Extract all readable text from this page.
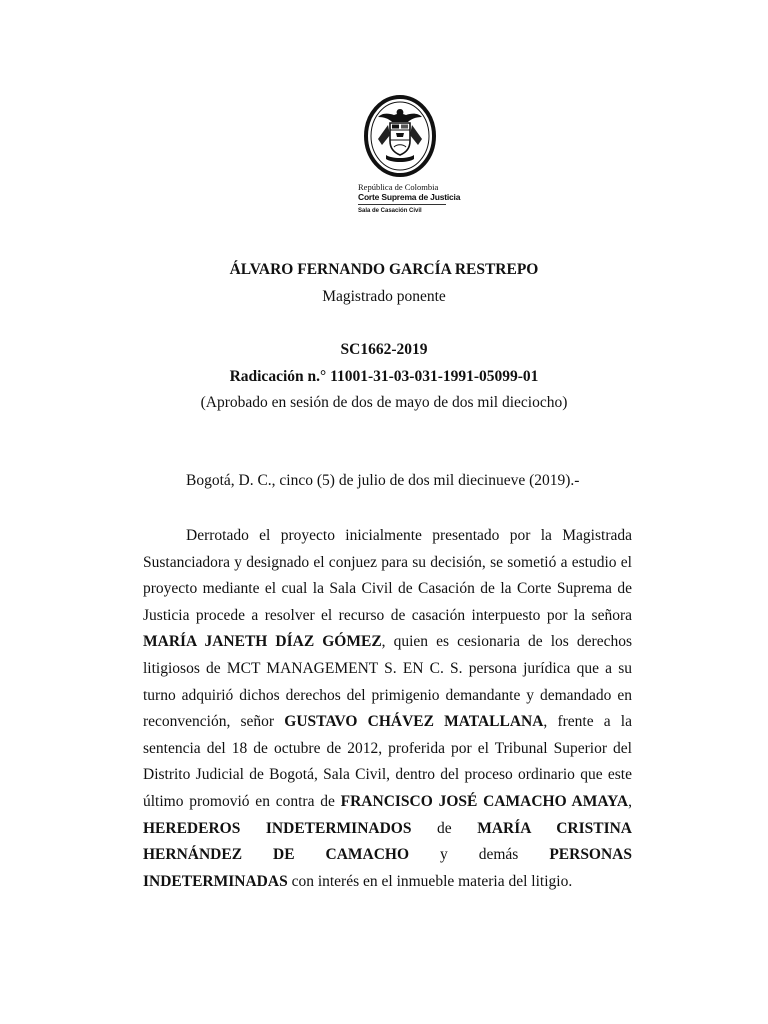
República de Colombia
Corte Suprema de Justicia
Sala de Casación Civil
ÁLVARO FERNANDO GARCÍA RESTREPO
Magistrado ponente
SC1662-2019
Radicación n.° 11001-31-03-031-1991-05099-01
(Aprobado en sesión de dos de mayo de dos mil dieciocho)
Bogotá, D. C., cinco (5) de julio de dos mil diecinueve (2019).-

Derrotado el proyecto inicialmente presentado por la Magistrada Sustanciadora y designado el conjuez para su decisión, se sometió a estudio el proyecto mediante el cual la Sala Civil de Casación de la Corte Suprema de Justicia procede a resolver el recurso de casación interpuesto por la señora MARÍA JANETH DÍAZ GÓMEZ, quien es cesionaria de los derechos litigiosos de MCT MANAGEMENT S. EN C. S. persona jurídica que a su turno adquirió dichos derechos del primigenio demandante y demandado en reconvención, señor GUSTAVO CHÁVEZ MATALLANA, frente a la sentencia del 18 de octubre de 2012, proferida por el Tribunal Superior del Distrito Judicial de Bogotá, Sala Civil, dentro del proceso ordinario que este último promovió en contra de FRANCISCO JOSÉ CAMACHO AMAYA, HEREDEROS INDETERMINADOS de MARÍA CRISTINA HERNÁNDEZ DE CAMACHO y demás PERSONAS INDETERMINADAS con interés en el inmueble materia del litigio.
